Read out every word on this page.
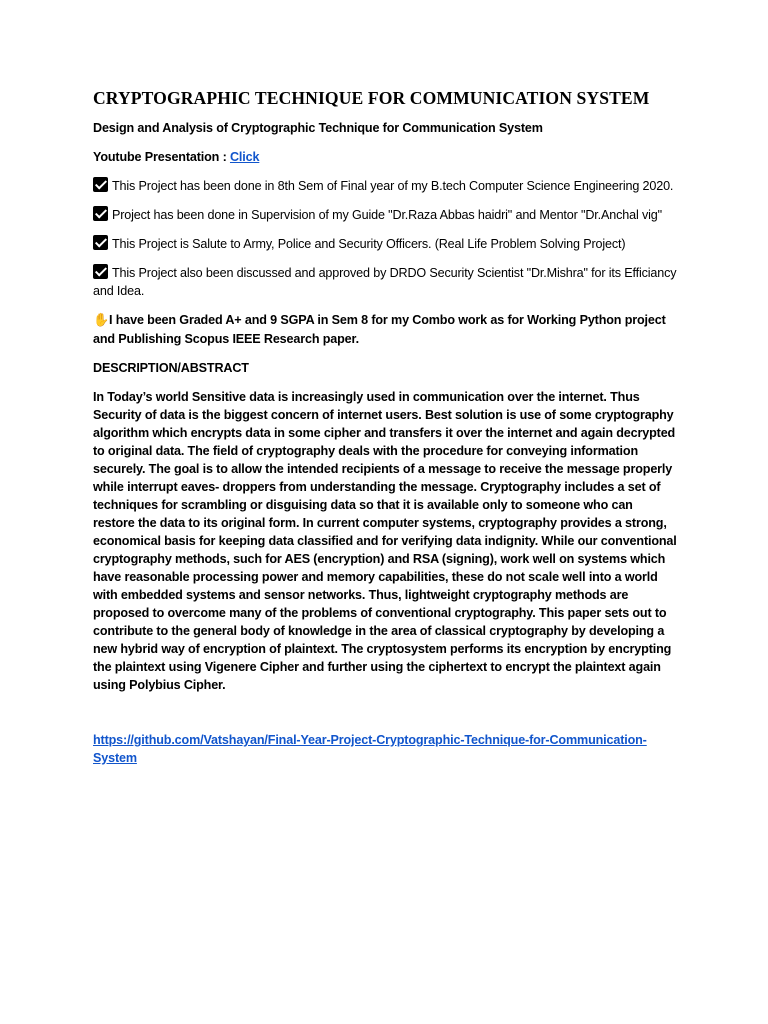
CRYPTOGRAPHIC TECHNIQUE FOR COMMUNICATION SYSTEM

Design and Analysis of Cryptographic Technique for Communication System

Youtube Presentation : Click

This Project has been done in 8th Sem of Final year of my B.tech Computer Science Engineering 2020.

Project has been done in Supervision of my Guide "Dr.Raza Abbas haidri" and Mentor "Dr.Anchal vig"

This Project is Salute to Army, Police and Security Officers. (Real Life Problem Solving Project)

This Project also been discussed and approved by DRDO Security Scientist "Dr.Mishra" for its Efficiancy and Idea.

✋I have been Graded A+ and 9 SGPA in Sem 8 for my Combo work as for Working Python project and Publishing Scopus IEEE Research paper.

DESCRIPTION/ABSTRACT

In Today’s world Sensitive data is increasingly used in communication over the internet. Thus Security of data is the biggest concern of internet users. Best solution is use of some cryptography algorithm which encrypts data in some cipher and transfers it over the internet and again decrypted to original data. The field of cryptography deals with the procedure for conveying information securely. The goal is to allow the intended recipients of a message to receive the message properly while interrupt eaves- droppers from understanding the message. Cryptography includes a set of techniques for scrambling or disguising data so that it is available only to someone who can restore the data to its original form. In current computer systems, cryptography provides a strong, economical basis for keeping data classified and for verifying data indignity. While our conventional cryptography methods, such for AES (encryption) and RSA (signing), work well on systems which have reasonable processing power and memory capabilities, these do not scale well into a world with embedded systems and sensor networks. Thus, lightweight cryptography methods are proposed to overcome many of the problems of conventional cryptography. This paper sets out to contribute to the general body of knowledge in the area of classical cryptography by developing a new hybrid way of encryption of plaintext. The cryptosystem performs its encryption by encrypting the plaintext using Vigenere Cipher and further using the ciphertext to encrypt the plaintext again using Polybius Cipher.

https://github.com/Vatshayan/Final-Year-Project-Cryptographic-Technique-for-Communication-System
